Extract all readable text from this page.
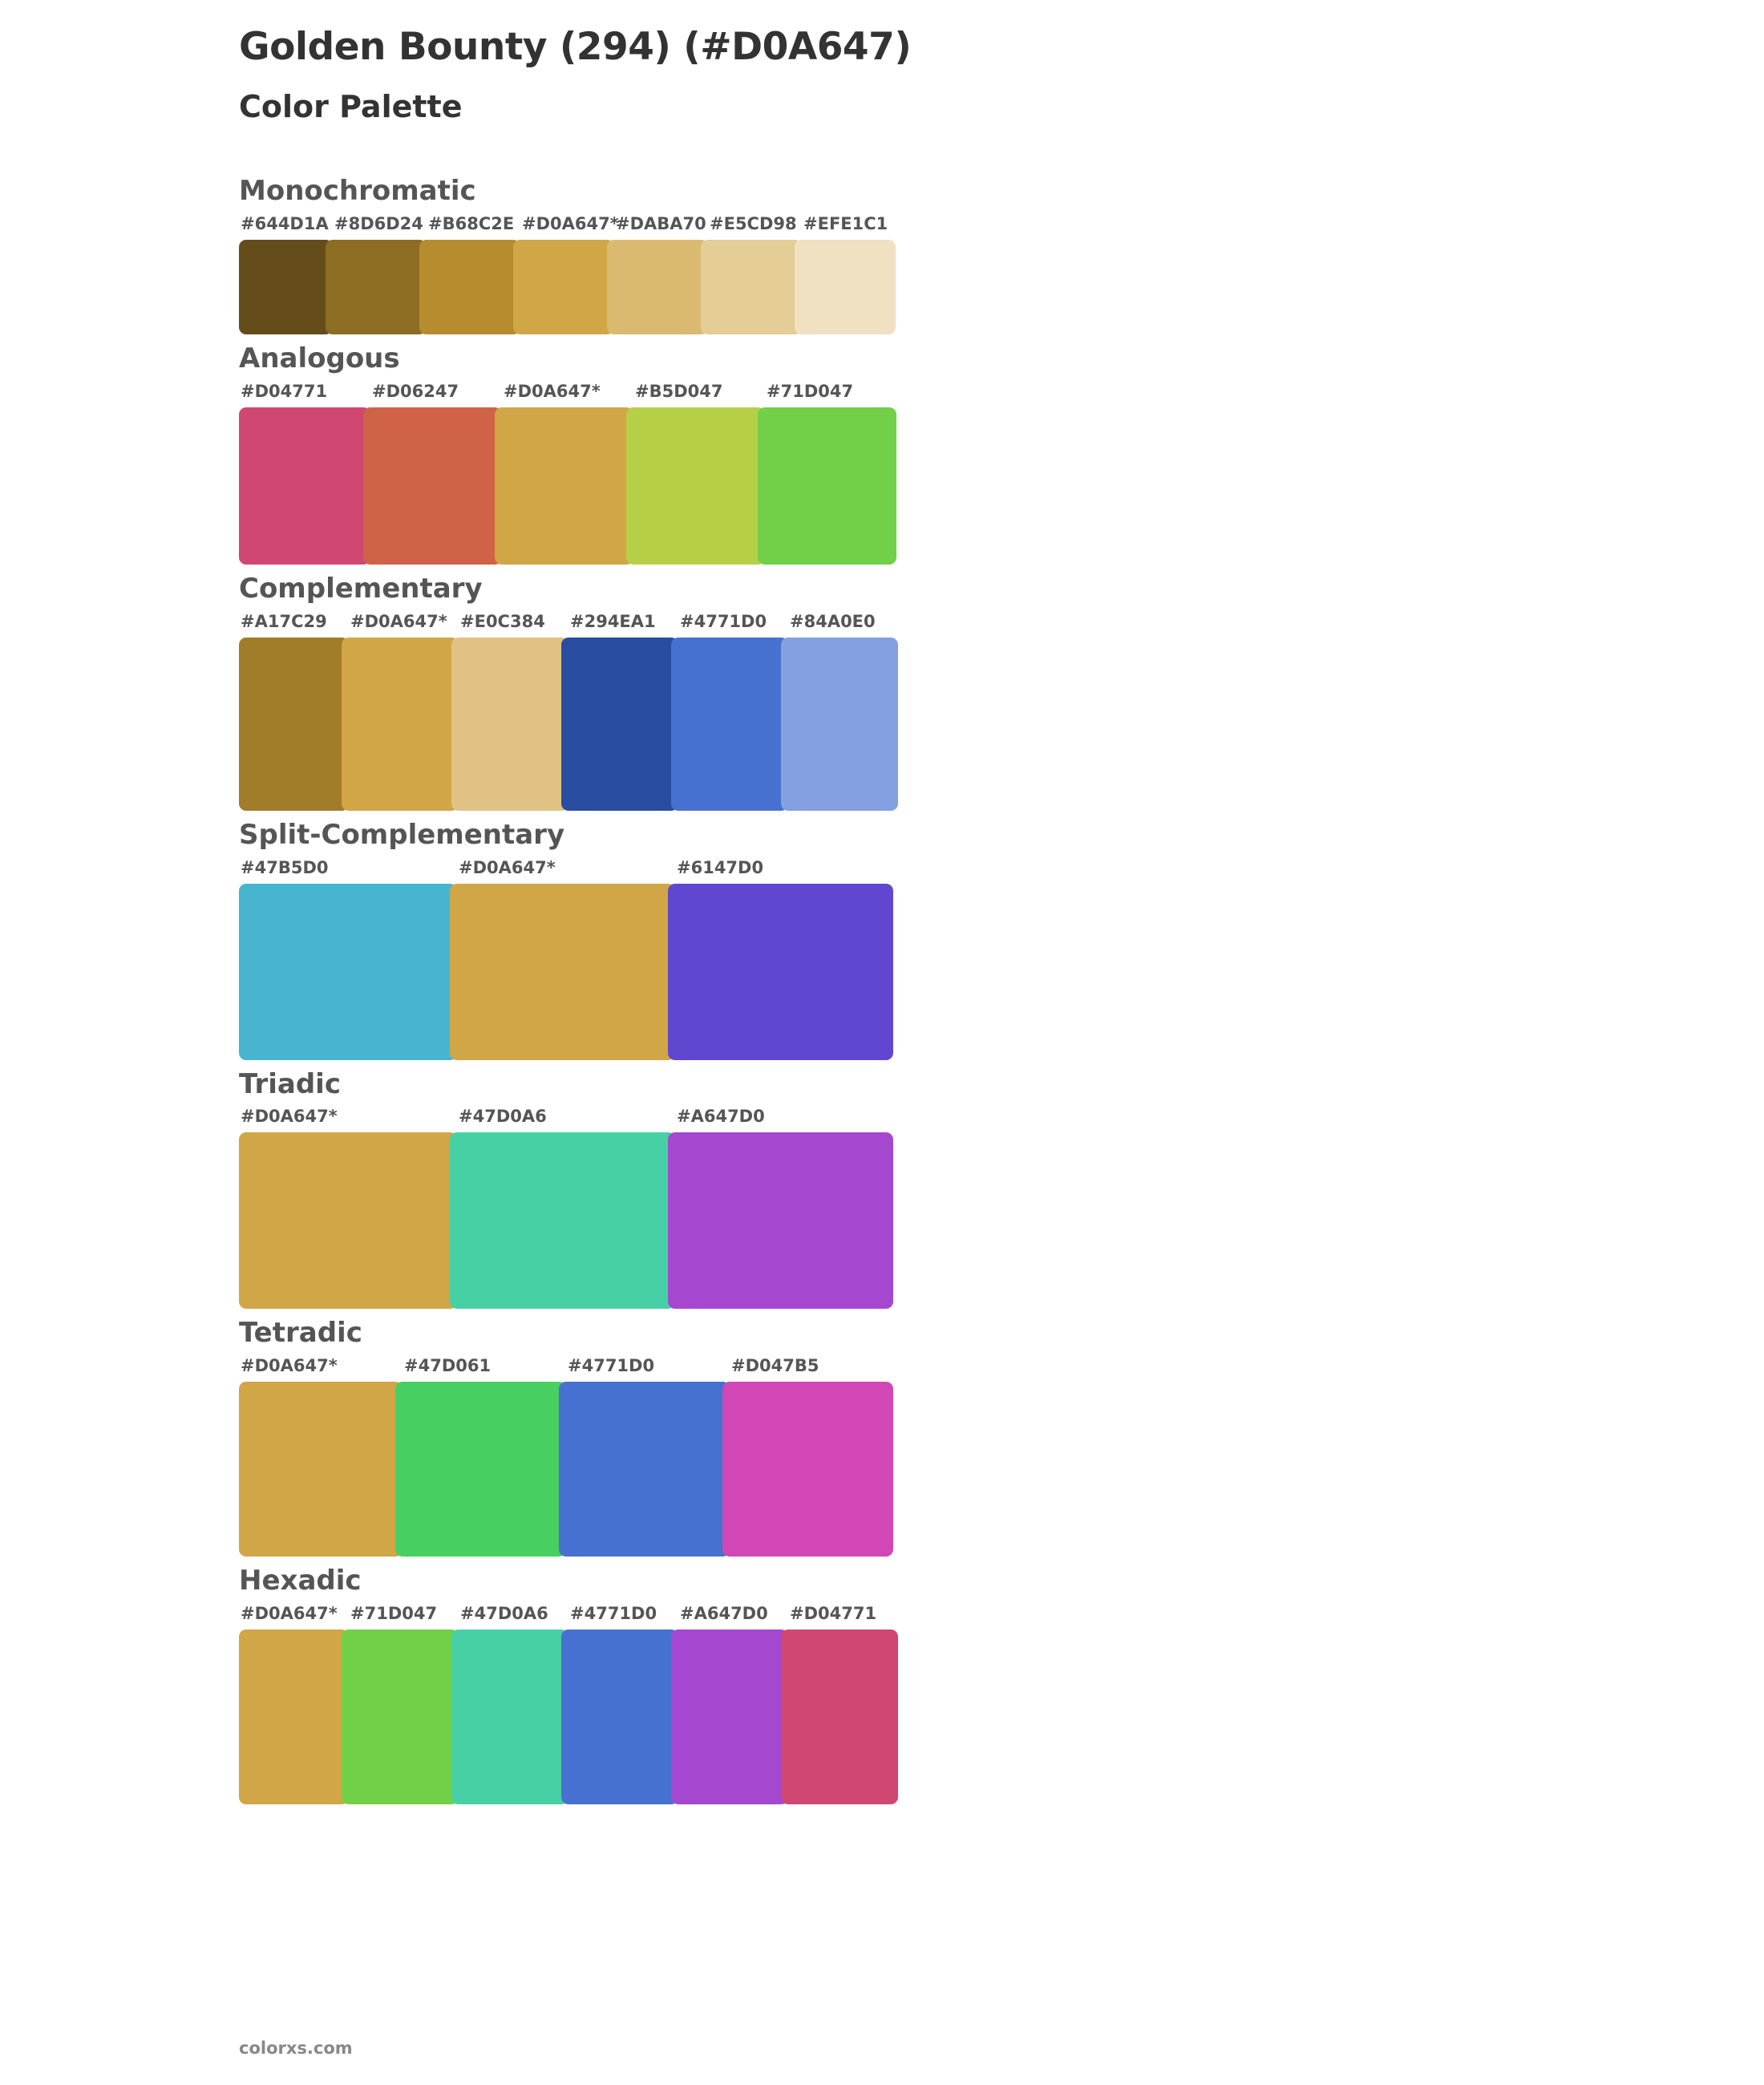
Golden Bounty (294) (#D0A647)
Color Palette
Monochromatic
#644D1A #8D6D24 #B68C2E #D0A647*
#DABA70 #E5CD98 #EFE1C1
Analogous
#D04771	#D06247	#D0A647*	#B5D047	#71D047
Complementary
#A17C29	#D0A647* #E0C384	#294EA1	#4771D0	#84A0E0
Split-Complementary
#47B5D0	#D0A647*	#6147D0
Triadic
#D0A647*	#47D0A6	#A647D0
Tetradic
#D0A647*	#47D061	#4771D0	#D047B5
Hexadic
#D0A647* #71D047	#47D0A6	#4771D0	#A647D0	#D04771
colorxs.com
